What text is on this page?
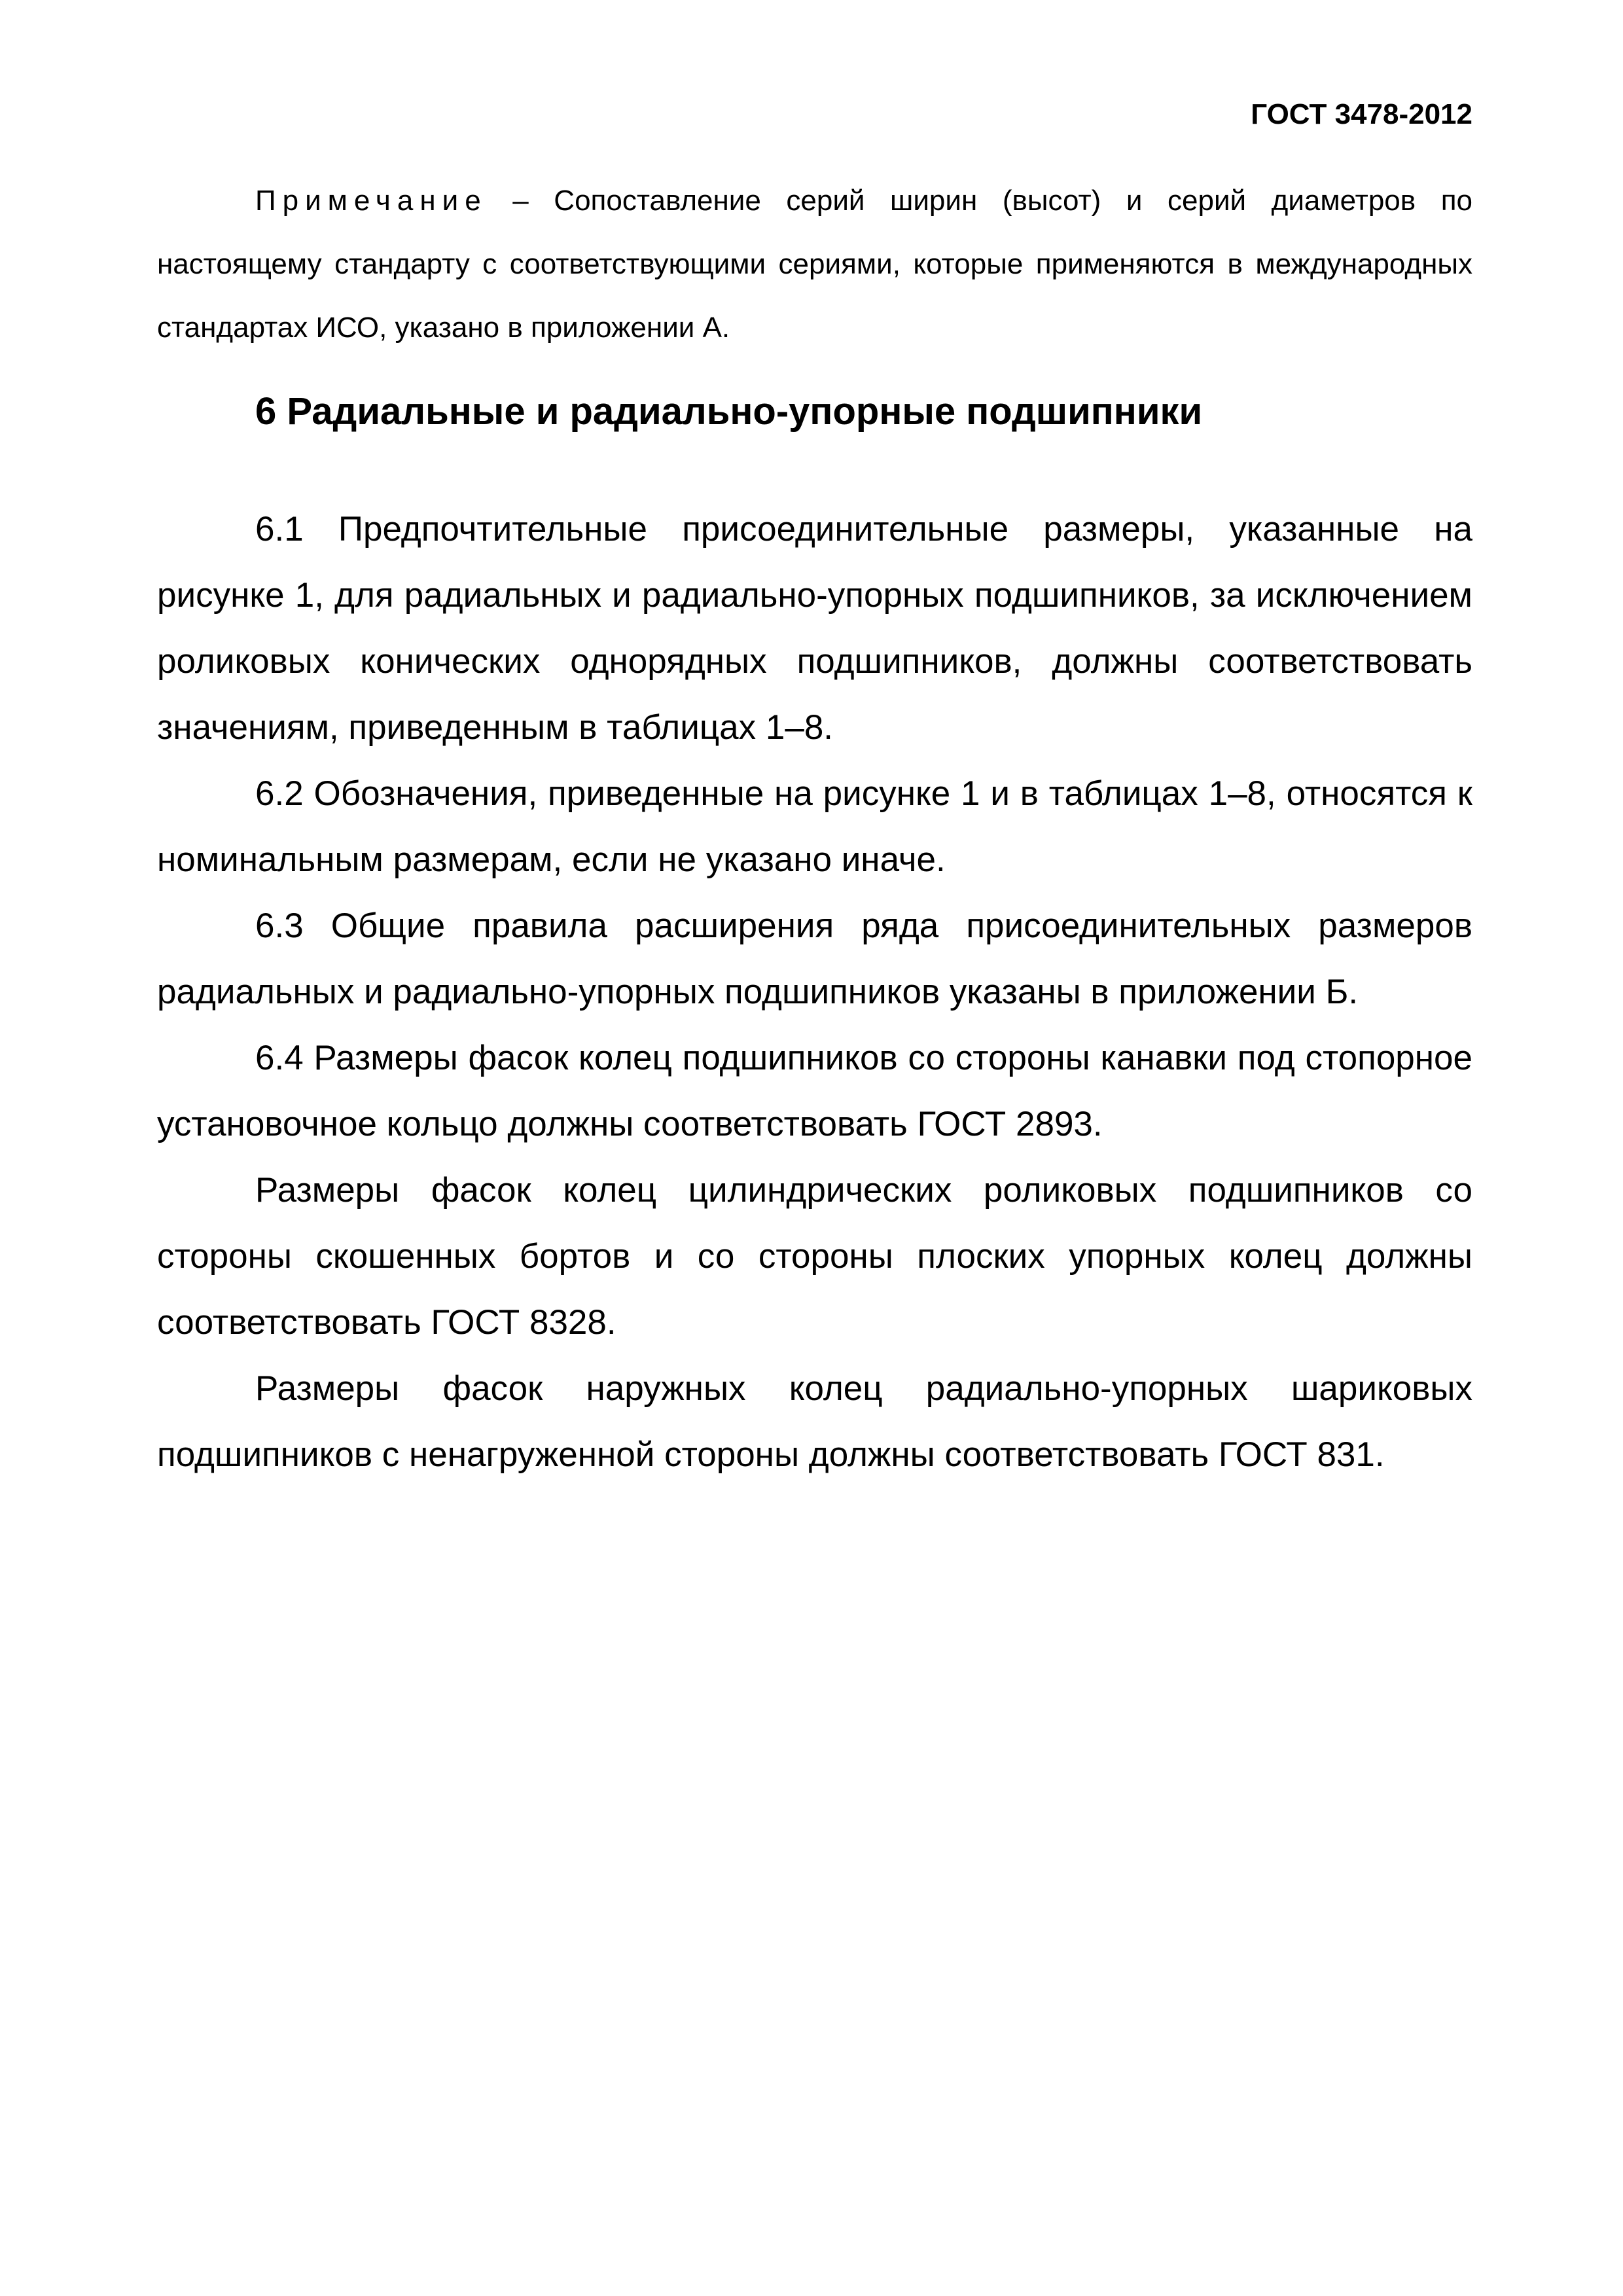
ГОСТ 3478-2012
Примечание – Сопоставление серий ширин (высот) и серий диаметров по настоящему стандарту с соответствующими сериями, которые применяются в международных стандартах ИСО, указано в приложении А.
6 Радиальные и радиально-упорные подшипники

6.1 Предпочтительные присоединительные размеры, указанные на рисунке 1, для радиальных и радиально-упорных подшипников, за исключением роликовых конических однорядных подшипников, должны соответствовать значениям, приведенным в таблицах 1–8.

6.2 Обозначения, приведенные на рисунке 1 и в таблицах 1–8, относятся к номинальным размерам, если не указано иначе.

6.3 Общие правила расширения ряда присоединительных размеров радиальных и радиально-упорных подшипников указаны в приложении Б.

6.4 Размеры фасок колец подшипников со стороны канавки под стопорное установочное кольцо должны соответствовать ГОСТ 2893.

Размеры фасок колец цилиндрических роликовых подшипников со стороны скошенных бортов и со стороны плоских упорных колец должны соответствовать ГОСТ 8328.

Размеры фасок наружных колец радиально-упорных шариковых подшипников с ненагруженной стороны должны соответствовать ГОСТ 831.
